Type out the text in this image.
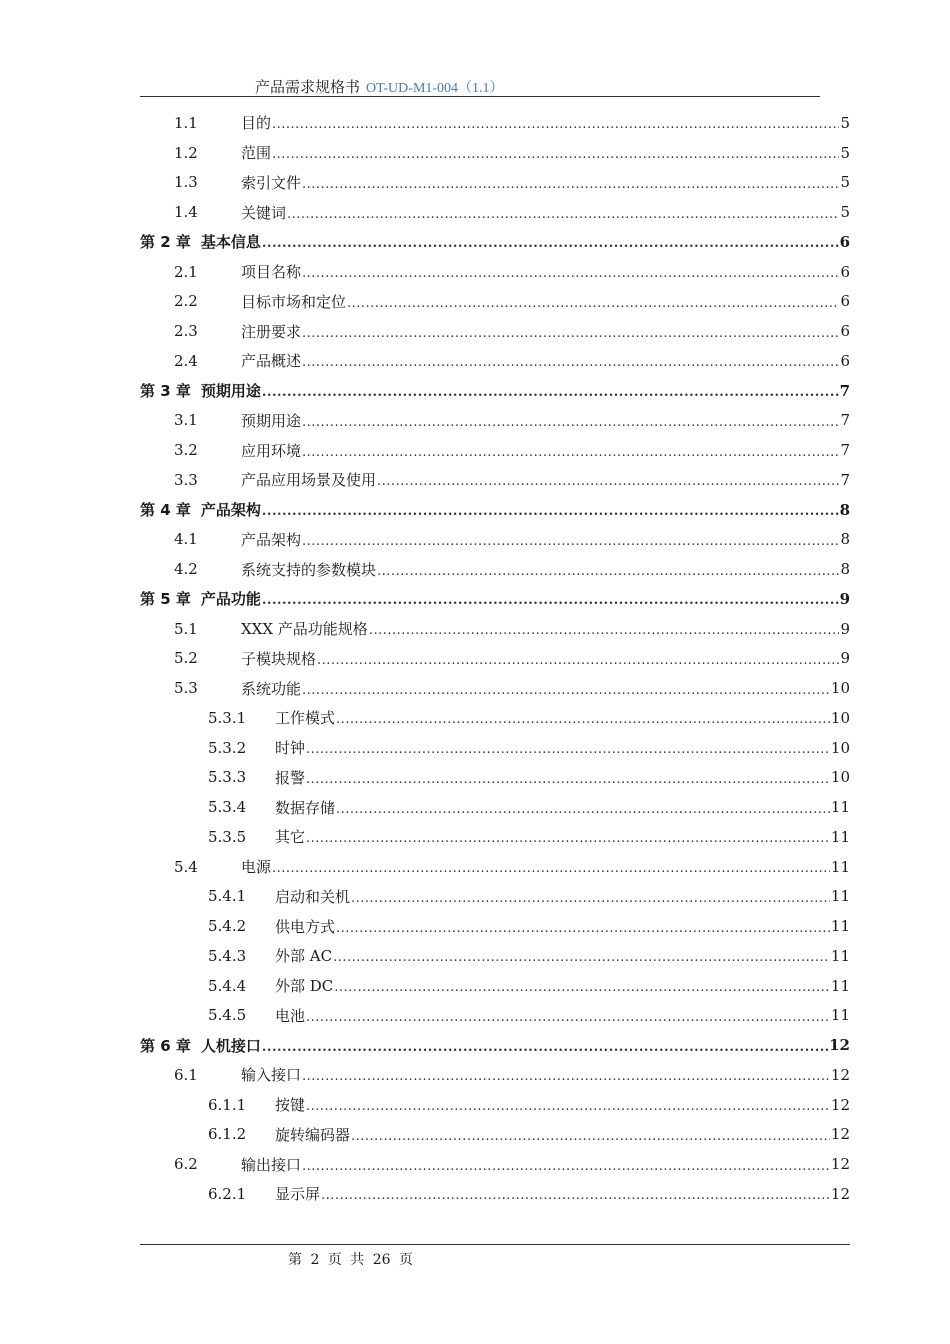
产品需求规格书 OT-UD-M1-004（1.1）
1.1	目的 .....	5
1.2	范围 .....	5
1.3	索引文件 .....	5
1.4	关键词 .....	5
第 2 章 基本信息 .....	6
2.1	项目名称 .....	6
2.2	目标市场和定位 .....	6
2.3	注册要求 .....	6
2.4	产品概述 .....	6
第 3 章 预期用途 .....	7
3.1	预期用途 .....	7
3.2	应用环境 .....	7
3.3	产品应用场景及使用 .....	7
第 4 章 产品架构 .....	8
4.1	产品架构 .....	8
4.2	系统支持的参数模块 .....	8
第 5 章 产品功能 .....	9
5.1	XXX 产品功能规格 .....	9
5.2	子模块规格 .....	9
5.3	系统功能 .....	10
5.3.1	工作模式 .....	10
5.3.2	时钟 .....	10
5.3.3	报警 .....	10
5.3.4	数据存储 .....	11
5.3.5	其它 .....	11
5.4	电源 .....	11
5.4.1	启动和关机 .....	11
5.4.2	供电方式 .....	11
5.4.3	外部 AC .....	11
5.4.4	外部 DC .....	11
5.4.5	电池 .....	11
第 6 章 人机接口 .....	12
6.1	输入接口 .....	12
6.1.1	按键 .....	12
6.1.2	旋转编码器 .....	12
6.2	输出接口 .....	12
6.2.1	显示屏 .....	12
第 2 页 共 26 页
